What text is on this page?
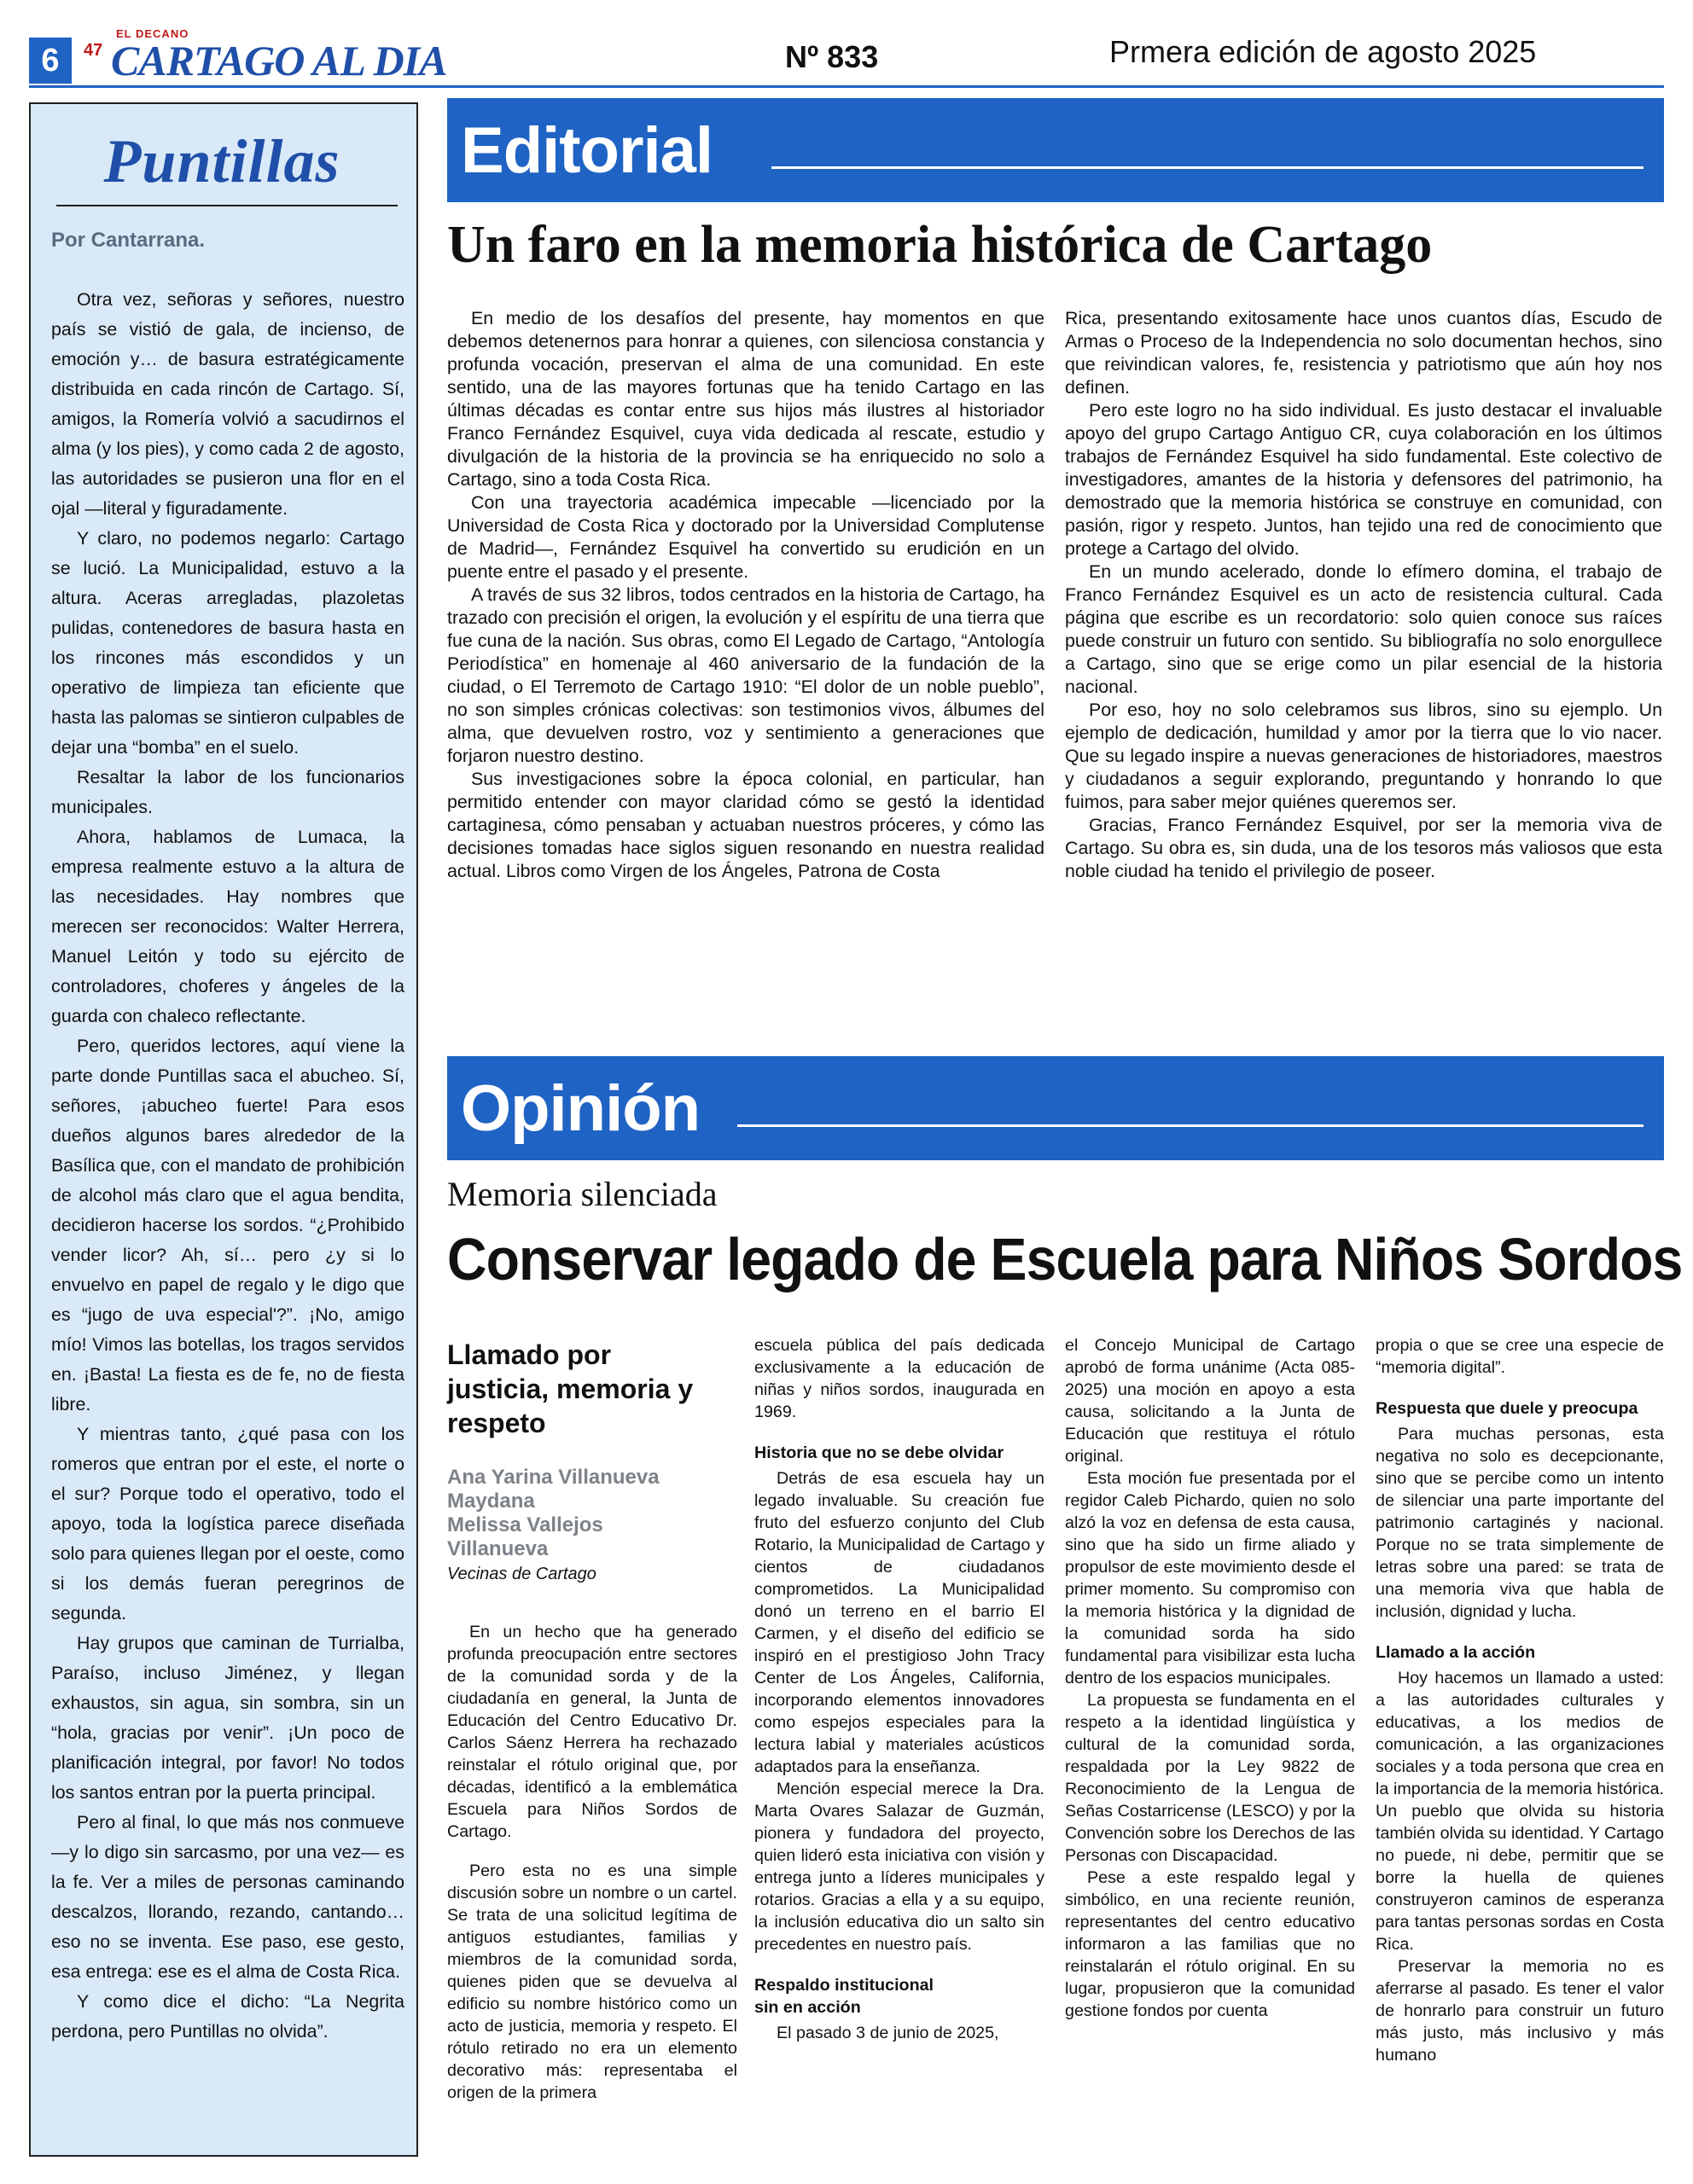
6
EL DECANO
47 CARTAGO AL DIA	Nº 833	Prmera edición de agosto 2025
Puntillas
Por Cantarrana.

Otra vez, señoras y señores, nuestro país se vistió de gala, de incienso, de emoción y… de basura estratégicamente distribuida en cada rincón de Cartago. Sí, amigos, la Romería volvió a sacudirnos el alma (y los pies), y como cada 2 de agosto, las autoridades se pusieron una flor en el ojal —literal y figuradamente.

Y claro, no podemos negarlo: Cartago se lució. La Municipalidad, estuvo a la altura. Aceras arregladas, plazoletas pulidas, contenedores de basura hasta en los rincones más escondidos y un operativo de limpieza tan eficiente que hasta las palomas se sintieron culpables de dejar una “bomba” en el suelo.

Resaltar la labor de los funcionarios municipales.

Ahora, hablamos de Lumaca, la empresa realmente estuvo a la altura de las necesidades. Hay nombres que merecen ser reconocidos: Walter Herrera, Manuel Leitón y todo su ejército de controladores, choferes y ángeles de la guarda con chaleco reflectante.

Pero, queridos lectores, aquí viene la parte donde Puntillas saca el abucheo. Sí, señores, ¡abucheo fuerte! Para esos dueños algunos bares alrededor de la Basílica que, con el mandato de prohibición de alcohol más claro que el agua bendita, decidieron hacerse los sordos. “¿Prohibido vender licor? Ah, sí… pero ¿y si lo envuelvo en papel de regalo y le digo que es “jugo de uva especial'?”. ¡No, amigo mío! Vimos las botellas, los tragos servidos en. ¡Basta! La fiesta es de fe, no de fiesta libre.

Y mientras tanto, ¿qué pasa con los romeros que entran por el este, el norte o el sur? Porque todo el operativo, todo el apoyo, toda la logística parece diseñada solo para quienes llegan por el oeste, como si los demás fueran peregrinos de segunda.

Hay grupos que caminan de Turrialba, Paraíso, incluso Jiménez, y llegan exhaustos, sin agua, sin sombra, sin un “hola, gracias por venir”. ¡Un poco de planificación integral, por favor! No todos los santos entran por la puerta principal.

Pero al final, lo que más nos conmueve —y lo digo sin sarcasmo, por una vez— es la fe. Ver a miles de personas caminando descalzos, llorando, rezando, cantando… eso no se inventa. Ese paso, ese gesto, esa entrega: ese es el alma de Costa Rica.

Y como dice el dicho: “La Negrita perdona, pero Puntillas no olvida”.

Editorial
Un faro en la memoria histórica de Cartago

En medio de los desafíos del presente, hay momentos en que debemos detenernos para honrar a quienes, con silenciosa constancia y profunda vocación, preservan el alma de una comunidad. En este sentido, una de las mayores fortunas que ha tenido Cartago en las últimas décadas es contar entre sus hijos más ilustres al historiador Franco Fernández Esquivel, cuya vida dedicada al rescate, estudio y divulgación de la historia de la provincia se ha enriquecido no solo a Cartago, sino a toda Costa Rica.

Con una trayectoria académica impecable —licenciado por la Universidad de Costa Rica y doctorado por la Universidad Complutense de Madrid—, Fernández Esquivel ha convertido su erudición en un puente entre el pasado y el presente.

A través de sus 32 libros, todos centrados en la historia de Cartago, ha trazado con precisión el origen, la evolución y el espíritu de una tierra que fue cuna de la nación. Sus obras, como El Legado de Cartago, “Antología Periodística” en homenaje al 460 aniversario de la fundación de la ciudad, o El Terremoto de Cartago 1910: “El dolor de un noble pueblo”, no son simples crónicas colectivas: son testimonios vivos, álbumes del alma, que devuelven rostro, voz y sentimiento a generaciones que forjaron nuestro destino.

Sus investigaciones sobre la época colonial, en particular, han permitido entender con mayor claridad cómo se gestó la identidad cartaginesa, cómo pensaban y actuaban nuestros próceres, y cómo las decisiones tomadas hace siglos siguen resonando en nuestra realidad actual. Libros como Virgen de los Ángeles, Patrona de Costa

Rica, presentando exitosamente hace unos cuantos días, Escudo de Armas o Proceso de la Independencia no solo documentan hechos, sino que reivindican valores, fe, resistencia y patriotismo que aún hoy nos definen.

Pero este logro no ha sido individual. Es justo destacar el invaluable apoyo del grupo Cartago Antiguo CR, cuya colaboración en los últimos trabajos de Fernández Esquivel ha sido fundamental. Este colectivo de investigadores, amantes de la historia y defensores del patrimonio, ha demostrado que la memoria histórica se construye en comunidad, con pasión, rigor y respeto. Juntos, han tejido una red de conocimiento que protege a Cartago del olvido.

En un mundo acelerado, donde lo efímero domina, el trabajo de Franco Fernández Esquivel es un acto de resistencia cultural. Cada página que escribe es un recordatorio: solo quien conoce sus raíces puede construir un futuro con sentido. Su bibliografía no solo enorgullece a Cartago, sino que se erige como un pilar esencial de la historia nacional.

Por eso, hoy no solo celebramos sus libros, sino su ejemplo. Un ejemplo de dedicación, humildad y amor por la tierra que lo vio nacer. Que su legado inspire a nuevas generaciones de historiadores, maestros y ciudadanos a seguir explorando, preguntando y honrando lo que fuimos, para saber mejor quiénes queremos ser.

Gracias, Franco Fernández Esquivel, por ser la memoria viva de Cartago. Su obra es, sin duda, una de los tesoros más valiosos que esta noble ciudad ha tenido el privilegio de poseer.

Opinión
Memoria silenciada
Conservar legado de Escuela para Niños Sordos
Llamado por justicia, memoria y respeto
Ana Yarina Villanueva Maydana
Melissa Vallejos Villanueva
Vecinas de Cartago

En un hecho que ha generado profunda preocupación entre sectores de la comunidad sorda y de la ciudadanía en general, la Junta de Educación del Centro Educativo Dr. Carlos Sáenz Herrera ha rechazado reinstalar el rótulo original que, por décadas, identificó a la emblemática Escuela para Niños Sordos de Cartago.

Pero esta no es una simple discusión sobre un nombre o un cartel. Se trata de una solicitud legítima de antiguos estudiantes, familias y miembros de la comunidad sorda, quienes piden que se devuelva al edificio su nombre histórico como un acto de justicia, memoria y respeto. El rótulo retirado no era un elemento decorativo más: representaba el origen de la primera

escuela pública del país dedicada exclusivamente a la educación de niñas y niños sordos, inaugurada en 1969.

Historia que no se debe olvidar

Detrás de esa escuela hay un legado invaluable. Su creación fue fruto del esfuerzo conjunto del Club Rotario, la Municipalidad de Cartago y cientos de ciudadanos comprometidos. La Municipalidad donó un terreno en el barrio El Carmen, y el diseño del edificio se inspiró en el prestigioso John Tracy Center de Los Ángeles, California, incorporando elementos innovadores como espejos especiales para la lectura labial y materiales acústicos adaptados para la enseñanza.

Mención especial merece la Dra. Marta Ovares Salazar de Guzmán, pionera y fundadora del proyecto, quien lideró esta iniciativa con visión y entrega junto a líderes municipales y rotarios. Gracias a ella y a su equipo, la inclusión educativa dio un salto sin precedentes en nuestro país.

Respaldo institucional sin en acción

El pasado 3 de junio de 2025,

el Concejo Municipal de Cartago aprobó de forma unánime (Acta 085-2025) una moción en apoyo a esta causa, solicitando a la Junta de Educación que restituya el rótulo original.

Esta moción fue presentada por el regidor Caleb Pichardo, quien no solo alzó la voz en defensa de esta causa, sino que ha sido un firme aliado y propulsor de este movimiento desde el primer momento. Su compromiso con la memoria histórica y la dignidad de la comunidad sorda ha sido fundamental para visibilizar esta lucha dentro de los espacios municipales.

La propuesta se fundamenta en el respeto a la identidad lingüística y cultural de la comunidad sorda, respaldada por la Ley 9822 de Reconocimiento de la Lengua de Señas Costarricense (LESCO) y por la Convención sobre los Derechos de las Personas con Discapacidad.

Pese a este respaldo legal y simbólico, en una reciente reunión, representantes del centro educativo informaron a las familias que no reinstalarán el rótulo original. En su lugar, propusieron que la comunidad gestione fondos por cuenta

propia o que se cree una especie de “memoria digital”.

Respuesta que duele y preocupa

Para muchas personas, esta negativa no solo es decepcionante, sino que se percibe como un intento de silenciar una parte importante del patrimonio cartaginés y nacional. Porque no se trata simplemente de letras sobre una pared: se trata de una memoria viva que habla de inclusión, dignidad y lucha.

Llamado a la acción

Hoy hacemos un llamado a usted: a las autoridades culturales y educativas, a los medios de comunicación, a las organizaciones sociales y a toda persona que crea en la importancia de la memoria histórica. Un pueblo que olvida su historia también olvida su identidad. Y Cartago no puede, ni debe, permitir que se borre la huella de quienes construyeron caminos de esperanza para tantas personas sordas en Costa Rica.

Preservar la memoria no es aferrarse al pasado. Es tener el valor de honrarlo para construir un futuro más justo, más inclusivo y más humano
